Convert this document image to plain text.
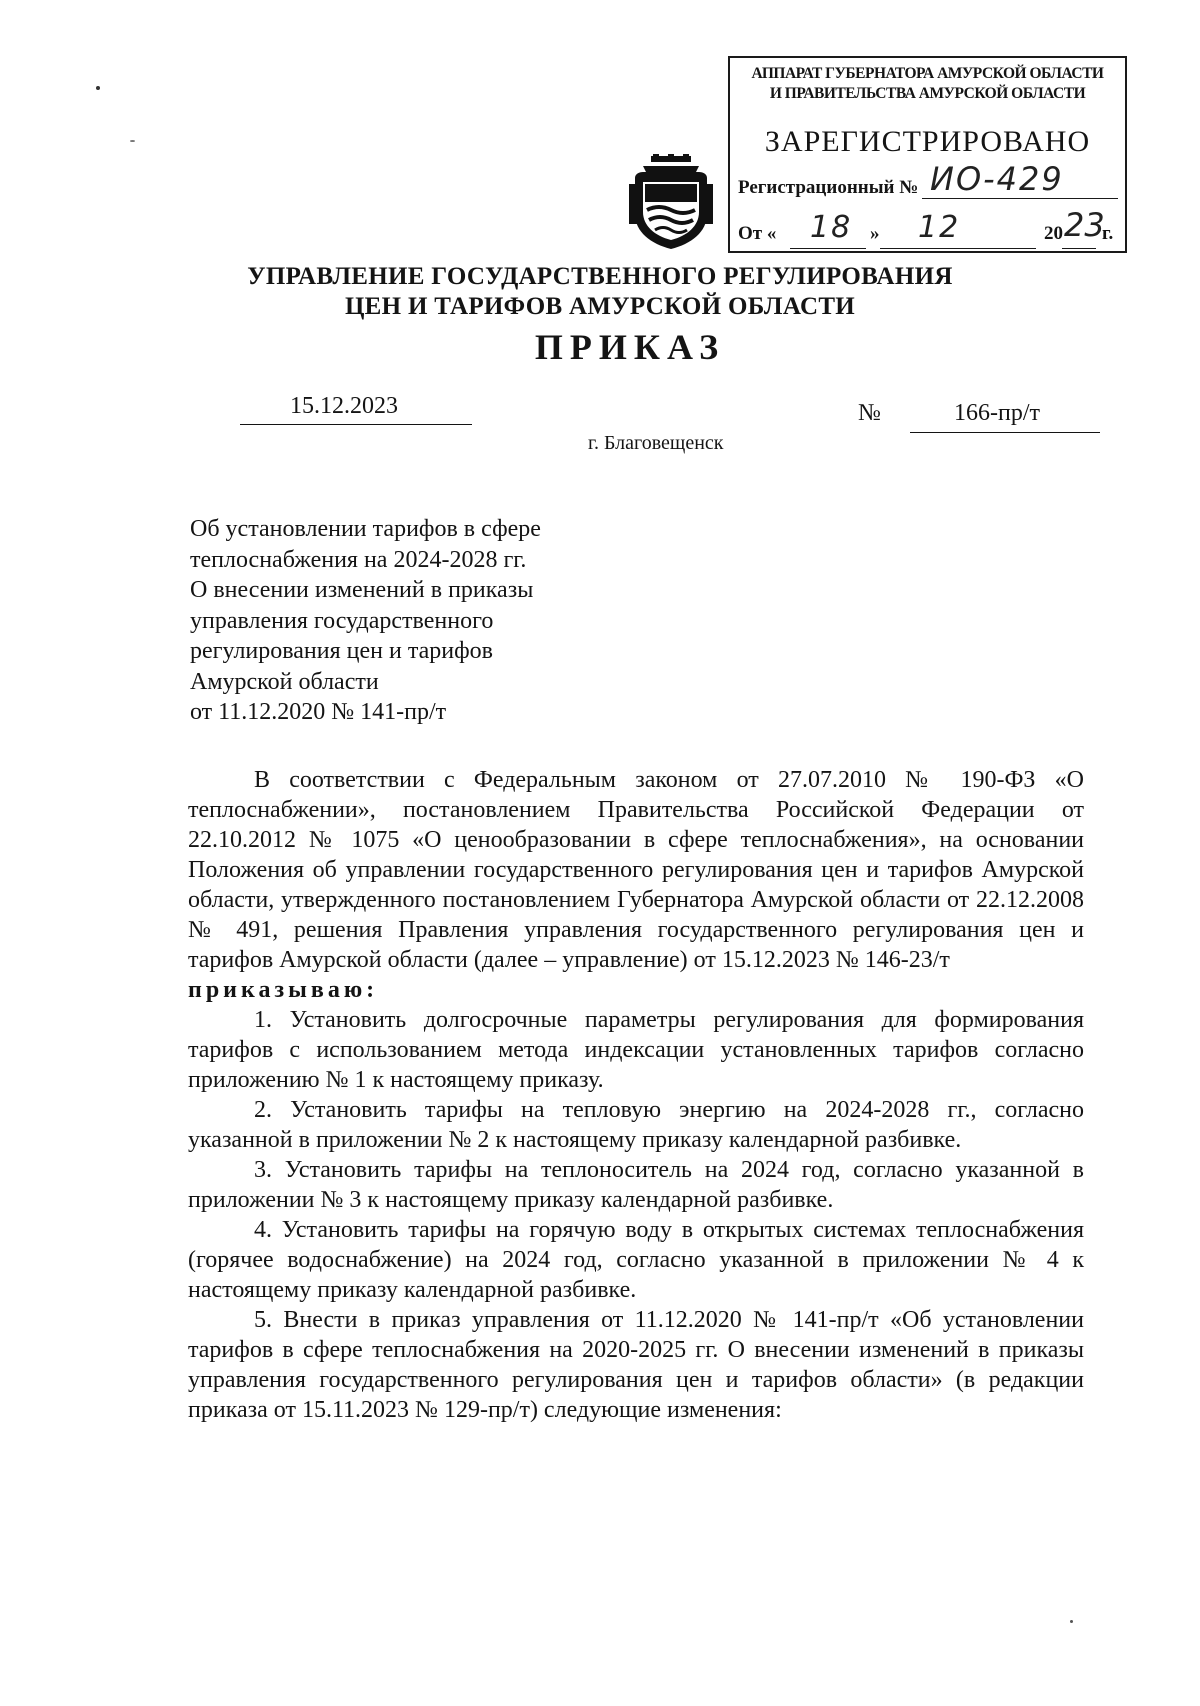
АППАРАТ ГУБЕРНАТОРА АМУРСКОЙ ОБЛАСТИ
И ПРАВИТЕЛЬСТВА АМУРСКОЙ ОБЛАСТИ
ЗАРЕГИСТРИРОВАНО
Регистрационный № ИО-429
От «	»	20 г.
18 12	23
УПРАВЛЕНИЕ ГОСУДАРСТВЕННОГО РЕГУЛИРОВАНИЯ
ЦЕН И ТАРИФОВ АМУРСКОЙ ОБЛАСТИ
ПРИКАЗ
15.12.2023	№	166-пр/т
г. Благовещенск
Об установлении тарифов в сфере
теплоснабжения на 2024-2028 гг.
О внесении изменений в приказы
управления государственного
регулирования цен и тарифов
Амурской области
от 11.12.2020 № 141-пр/т
В соответствии с Федеральным законом от 27.07.2010 № 190-ФЗ «О теплоснабжении», постановлением Правительства Российской Федерации от 22.10.2012 № 1075 «О ценообразовании в сфере теплоснабжения», на основании Положения об управлении государственного регулирования цен и тарифов Амурской области, утвержденного постановлением Губернатора Амурской области от 22.12.2008 № 491, решения Правления управления государственного регулирования цен и тарифов Амурской области (далее – управление) от 15.12.2023 № 146-23/т
приказываю:
1. Установить долгосрочные параметры регулирования для формирования тарифов с использованием метода индексации установленных тарифов согласно приложению № 1 к настоящему приказу.
2. Установить тарифы на тепловую энергию на 2024-2028 гг., согласно указанной в приложении № 2 к настоящему приказу календарной разбивке.
3. Установить тарифы на теплоноситель на 2024 год, согласно указанной в приложении № 3 к настоящему приказу календарной разбивке.
4. Установить тарифы на горячую воду в открытых системах теплоснабжения (горячее водоснабжение) на 2024 год, согласно указанной в приложении № 4 к настоящему приказу календарной разбивке.
5. Внести в приказ управления от 11.12.2020 № 141-пр/т «Об установлении тарифов в сфере теплоснабжения на 2020-2025 гг. О внесении изменений в приказы управления государственного регулирования цен и тарифов области» (в редакции приказа от 15.11.2023 № 129-пр/т) следующие изменения:
